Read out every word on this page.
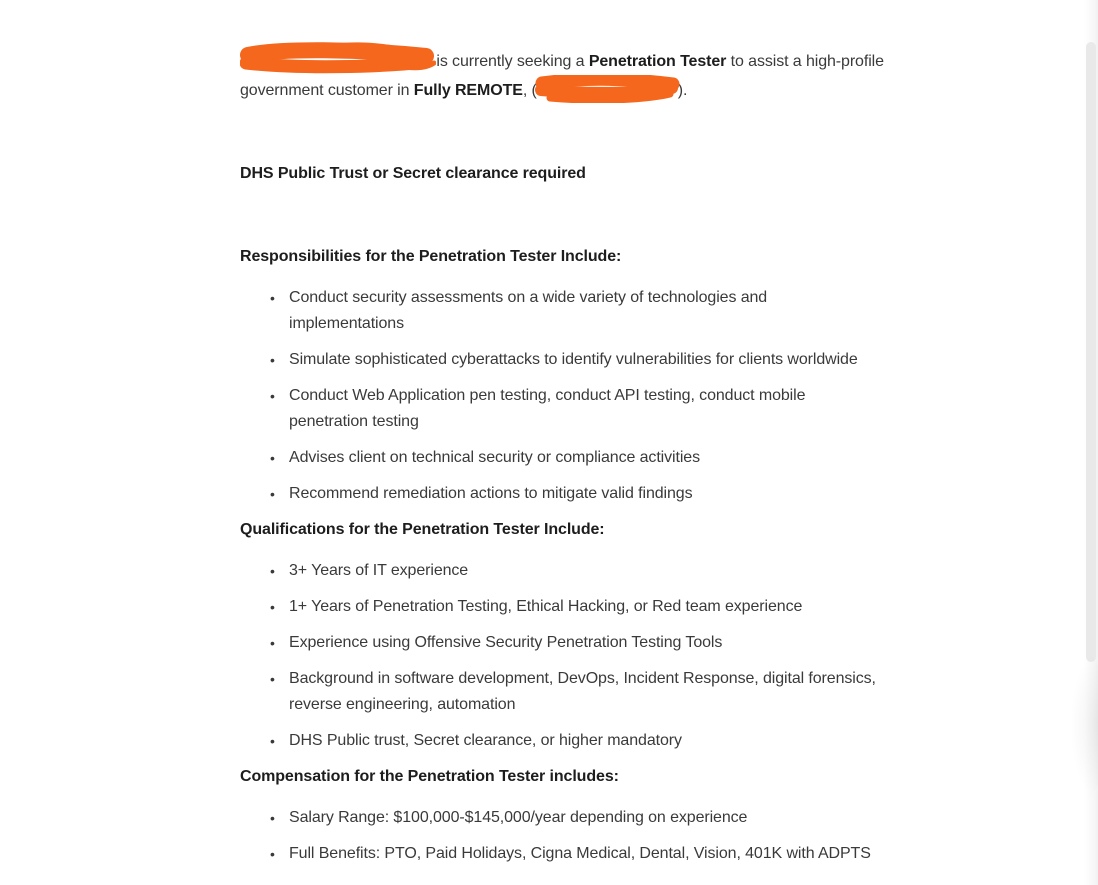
is currently seeking a Penetration Tester to assist a high-profile
government customer in Fully REMOTE, (	).

DHS Public Trust or Secret clearance required

Responsibilities for the Penetration Tester Include:

• Conduct security assessments on a wide variety of technologies and
implementations
• Simulate sophisticated cyberattacks to identify vulnerabilities for clients worldwide
• Conduct Web Application pen testing, conduct API testing, conduct mobile
penetration testing
• Advises client on technical security or compliance activities
• Recommend remediation actions to mitigate valid findings

Qualifications for the Penetration Tester Include:

• 3+ Years of IT experience
• 1+ Years of Penetration Testing, Ethical Hacking, or Red team experience
• Experience using Offensive Security Penetration Testing Tools
• Background in software development, DevOps, Incident Response, digital forensics,
reverse engineering, automation
• DHS Public trust, Secret clearance, or higher mandatory

Compensation for the Penetration Tester includes:

• Salary Range: $100,000-$145,000/year depending on experience
• Full Benefits: PTO, Paid Holidays, Cigna Medical, Dental, Vision, 401K with ADPTS
